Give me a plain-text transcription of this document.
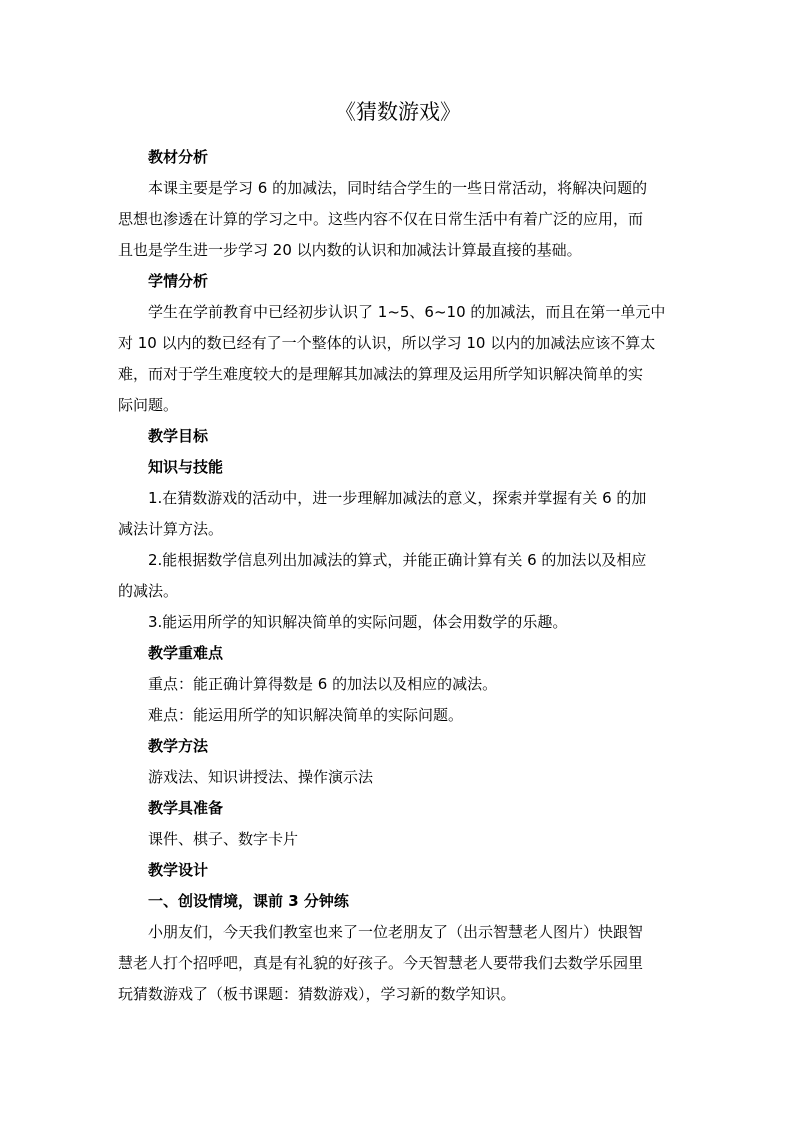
《猜数游戏》

教材分析

本课主要是学习 6 的加减法，同时结合学生的一些日常活动，将解决问题的

思想也渗透在计算的学习之中。这些内容不仅在日常生活中有着广泛的应用，而

且也是学生进一步学习 20 以内数的认识和加减法计算最直接的基础。

学情分析

学生在学前教育中已经初步认识了 1~5、6~10 的加减法，而且在第一单元中

对 10 以内的数已经有了一个整体的认识，所以学习 10 以内的加减法应该不算太

难，而对于学生难度较大的是理解其加减法的算理及运用所学知识解决简单的实

际问题。

教学目标

知识与技能

1.在猜数游戏的活动中，进一步理解加减法的意义，探索并掌握有关 6 的加

减法计算方法。

2.能根据数学信息列出加减法的算式，并能正确计算有关 6 的加法以及相应

的减法。

3.能运用所学的知识解决简单的实际问题，体会用数学的乐趣。

教学重难点

重点：能正确计算得数是 6 的加法以及相应的减法。

难点：能运用所学的知识解决简单的实际问题。

教学方法

游戏法、知识讲授法、操作演示法

教学具准备

课件、棋子、数字卡片

教学设计

一、创设情境，课前 3 分钟练

小朋友们，今天我们教室也来了一位老朋友了（出示智慧老人图片）快跟智

慧老人打个招呼吧，真是有礼貌的好孩子。今天智慧老人要带我们去数学乐园里

玩猜数游戏了（板书课题：猜数游戏），学习新的数学知识。
